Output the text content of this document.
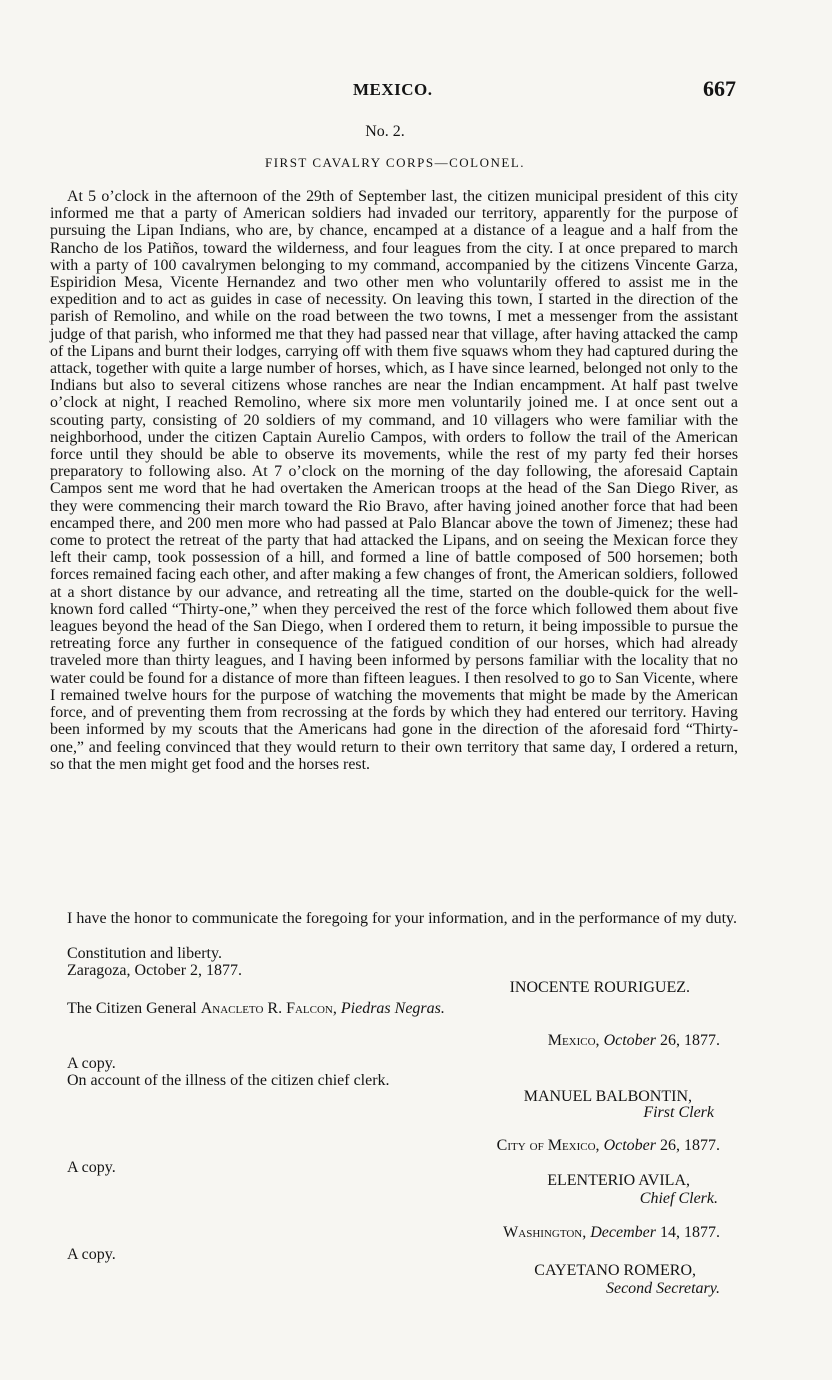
MEXICO.	667
No. 2.
FIRST CAVALRY CORPS—COLONEL.

At 5 o’clock in the afternoon of the 29th of September last, the citizen municipal president of this city informed me that a party of American soldiers had invaded our territory, apparently for the purpose of pursuing the Lipan Indians, who are, by chance, encamped at a distance of a league and a half from the Rancho de los Patiños, toward the wilderness, and four leagues from the city. I at once prepared to march with a party of 100 cavalrymen belonging to my command, accompanied by the citizens Vincente Garza, Espiridion Mesa, Vicente Hernandez and two other men who voluntarily offered to assist me in the expedition and to act as guides in case of necessity. On leaving this town, I started in the direction of the parish of Remolino, and while on the road between the two towns, I met a messenger from the assistant judge of that parish, who informed me that they had passed near that village, after having attacked the camp of the Lipans and burnt their lodges, carrying off with them five squaws whom they had captured during the attack, together with quite a large number of horses, which, as I have since learned, belonged not only to the Indians but also to several citizens whose ranches are near the Indian encampment. At half past twelve o’clock at night, I reached Remolino, where six more men voluntarily joined me. I at once sent out a scouting party, consisting of 20 soldiers of my command, and 10 villagers who were familiar with the neighborhood, under the citizen Captain Aurelio Campos, with orders to follow the trail of the American force until they should be able to observe its movements, while the rest of my party fed their horses preparatory to following also. At 7 o’clock on the morning of the day following, the aforesaid Captain Campos sent me word that he had overtaken the American troops at the head of the San Diego River, as they were commencing their march toward the Rio Bravo, after having joined another force that had been encamped there, and 200 men more who had passed at Palo Blancar above the town of Jimenez; these had come to protect the retreat of the party that had attacked the Lipans, and on seeing the Mexican force they left their camp, took possession of a hill, and formed a line of battle composed of 500 horsemen; both forces remained facing each other, and after making a few changes of front, the American soldiers, followed at a short distance by our advance, and retreating all the time, started on the double-quick for the well-known ford called “Thirty-one,” when they perceived the rest of the force which followed them about five leagues beyond the head of the San Diego, when I ordered them to return, it being impossible to pursue the retreating force any further in consequence of the fatigued condition of our horses, which had already traveled more than thirty leagues, and I having been informed by persons familiar with the locality that no water could be found for a distance of more than fifteen leagues. I then resolved to go to San Vicente, where I remained twelve hours for the purpose of watching the movements that might be made by the American force, and of preventing them from recrossing at the fords by which they had entered our territory. Having been informed by my scouts that the Americans had gone in the direction of the aforesaid ford “Thirty-one,” and feeling convinced that they would return to their own territory that same day, I ordered a return, so that the men might get food and the horses rest.

I have the honor to communicate the foregoing for your information, and in the performance of my duty.
Constitution and liberty.
Zaragoza, October 2, 1877.
INOCENTE ROURIGUEZ.
The Citizen General Anacleto R. Falcon, Piedras Negras.
Mexico, October 26, 1877.
A copy.
On account of the illness of the citizen chief clerk.
MANUEL BALBONTIN,
First Clerk
City of Mexico, October 26, 1877.
A copy.
ELENTERIO AVILA,
Chief Clerk.
Washington, December 14, 1877.
A copy.
CAYETANO ROMERO,
Second Secretary.
